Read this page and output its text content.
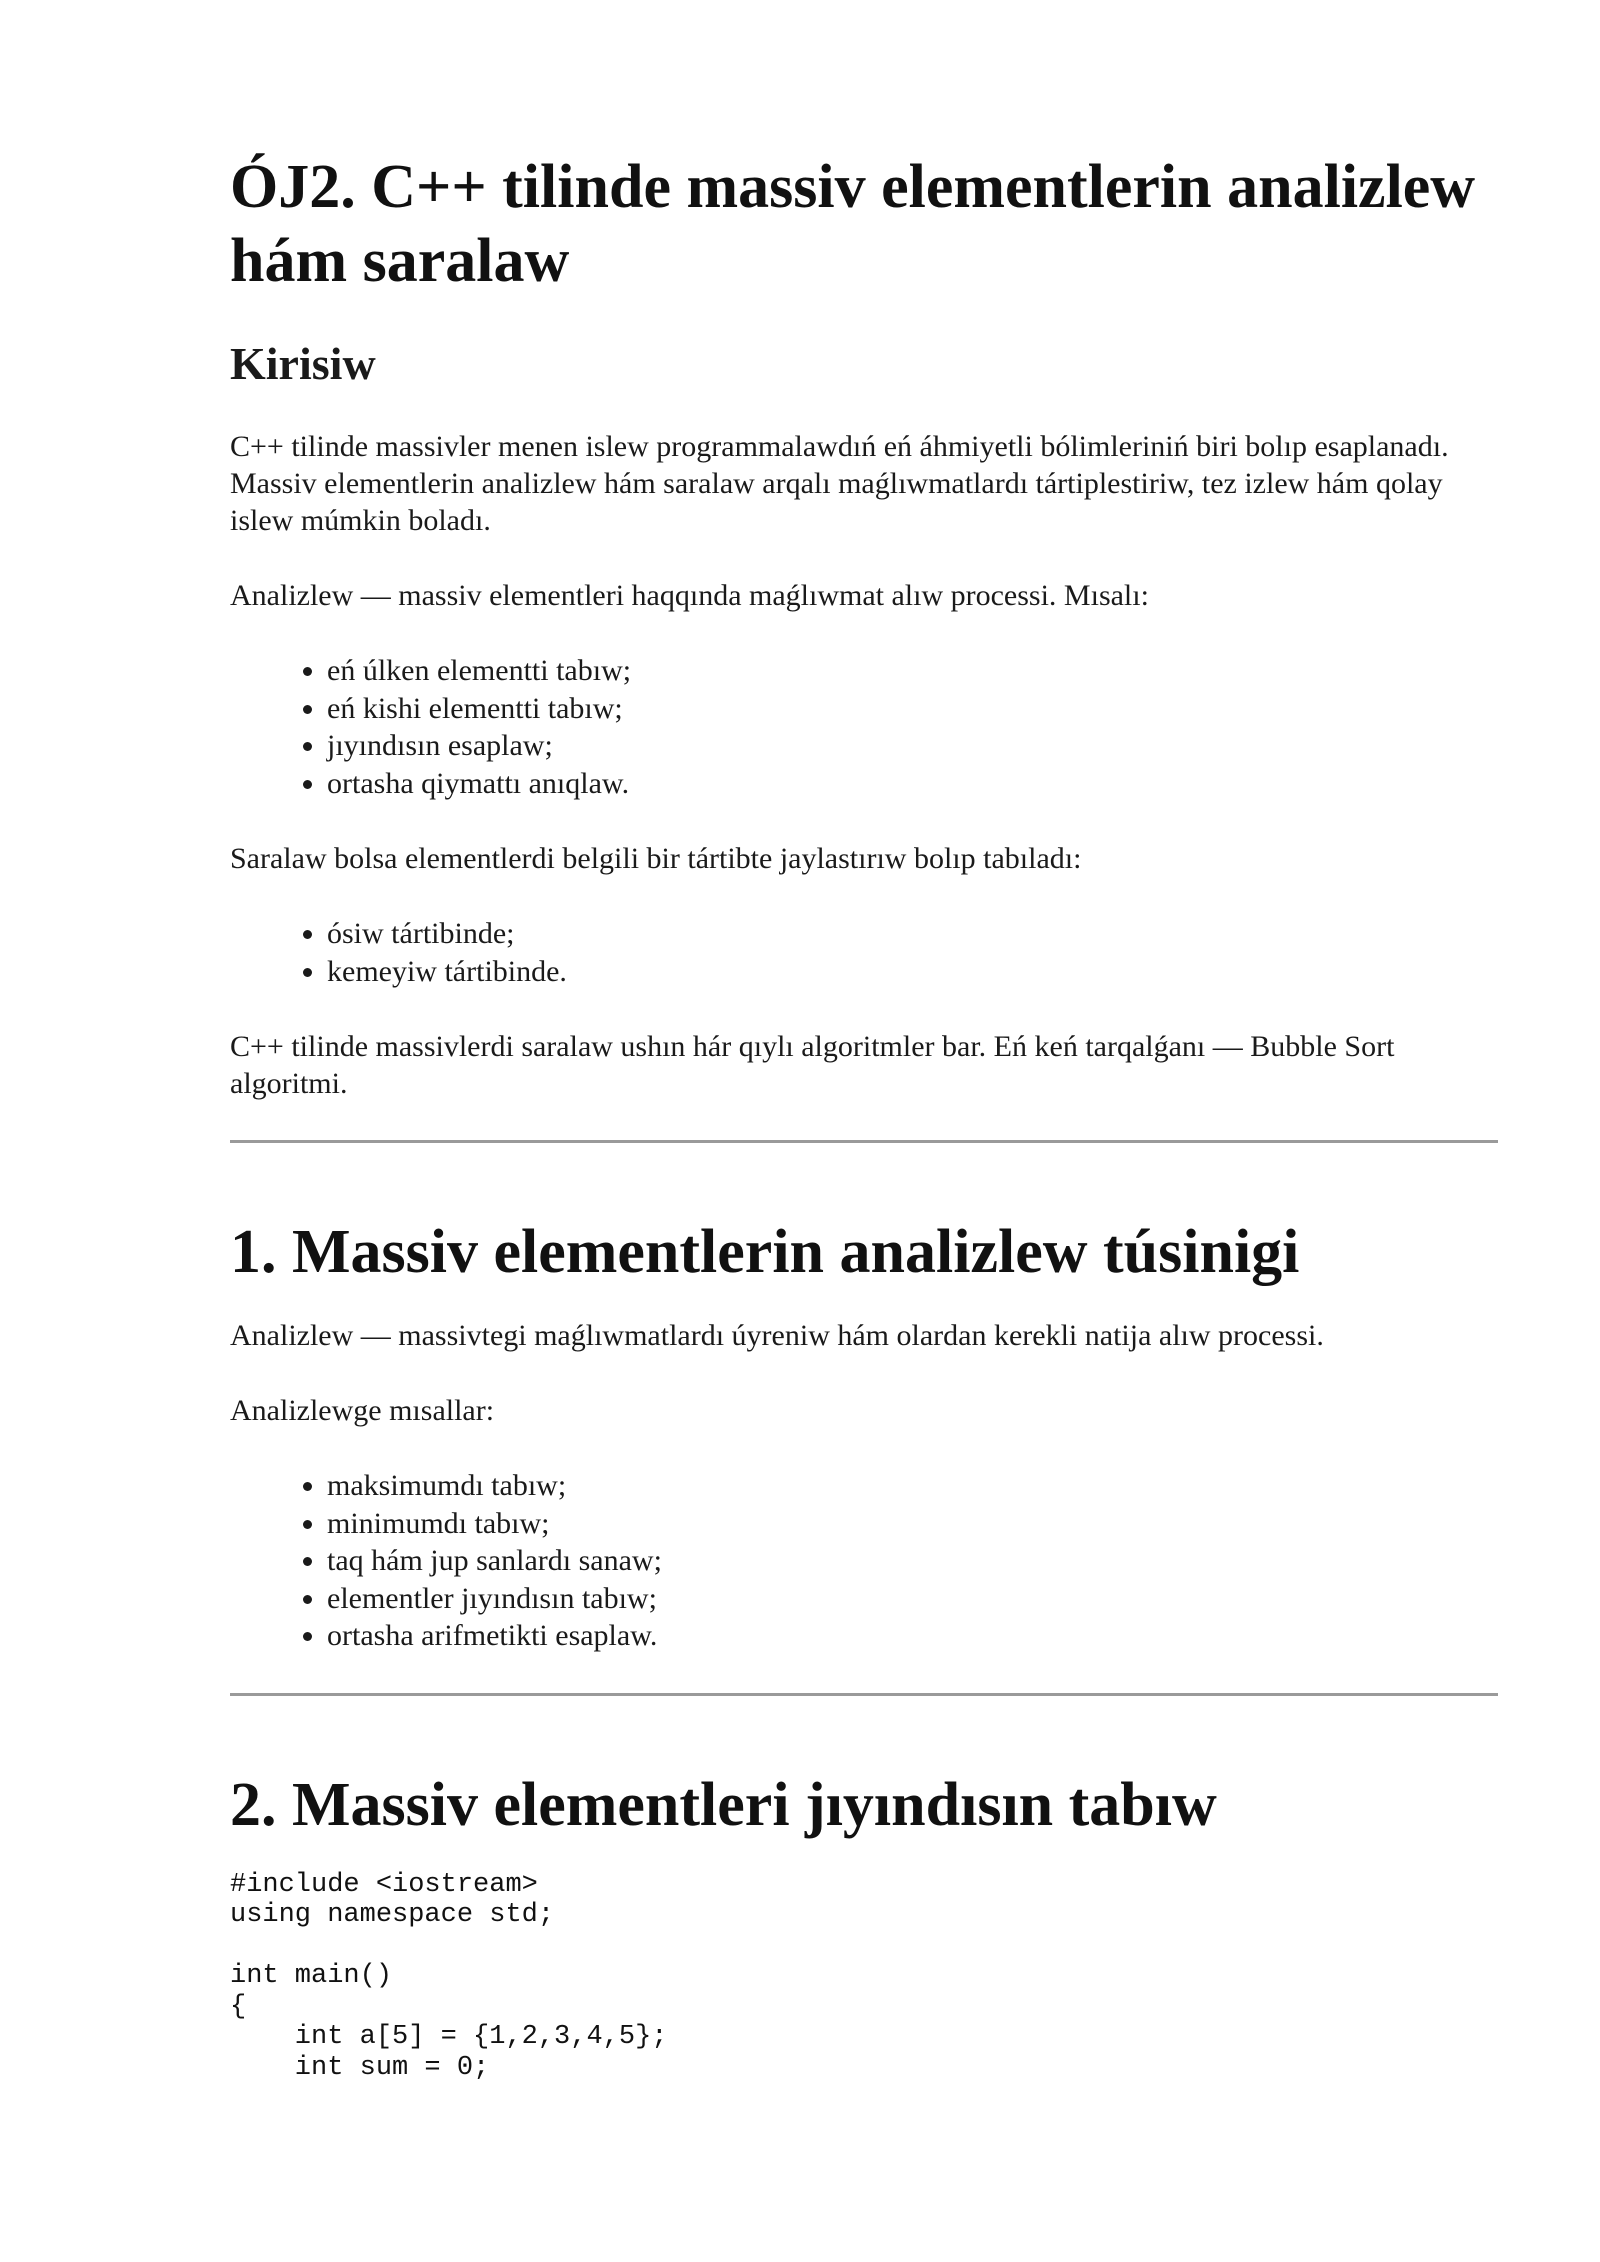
ÓJ2. C++ tilinde massiv elementlerin analizlew hám saralaw
Kirisiw

C++ tilinde massivler menen islew programmalawdıń eń áhmiyetli bólimleriniń biri bolıp esaplanadı. Massiv elementlerin analizlew hám saralaw arqalı maǵlıwmatlardı tártiplestiriw, tez izlew hám qolay islew múmkin boladı.

Analizlew — massiv elementleri haqqında maǵlıwmat alıw processi. Mısalı:

• eń úlken elementti tabıw;
• eń kishi elementti tabıw;
• jıyındısın esaplaw;
• ortasha qiymattı anıqlaw.

Saralaw bolsa elementlerdi belgili bir tártibte jaylastırıw bolıp tabıladı:

• ósiw tártibinde;
• kemeyiw tártibinde.

C++ tilinde massivlerdi saralaw ushın hár qıylı algoritmler bar. Eń keń tarqalǵanı — Bubble Sort algoritmi.

1. Massiv elementlerin analizlew túsinigi

Analizlew — massivtegi maǵlıwmatlardı úyreniw hám olardan kerekli natija alıw processi.

Analizlewge mısallar:

• maksimumdı tabıw;
• minimumdı tabıw;
• taq hám jup sanlardı sanaw;
• elementler jıyındısın tabıw;
• ortasha arifmetikti esaplaw.
2. Massiv elementleri jıyındısın tabıw
#include <iostream>
using namespace std;

int main()
{
int a[5] = {1,2,3,4,5};
int sum = 0;
